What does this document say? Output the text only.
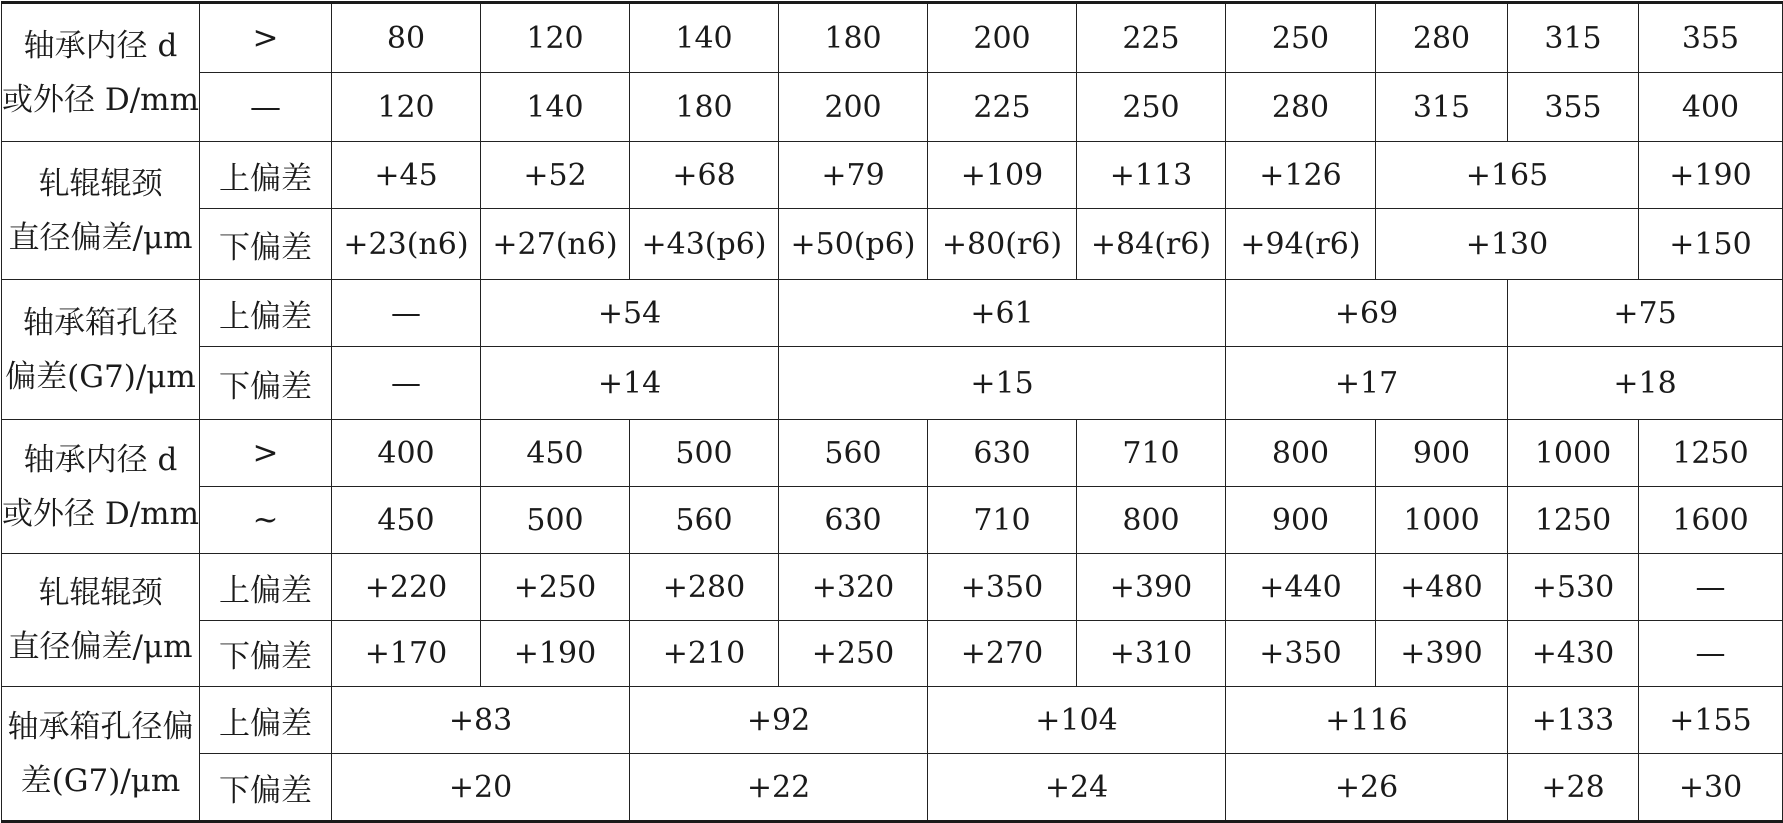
轴承内径 d
或外径 D/mm	>	80	120	140	180	200	225	250	280	315	355
	—	120	140	180	200	225	250	280	315	355	400

轧辊辊颈
直径偏差/μm	上偏差	+45	+52	+68	+79	+109	+113	+126	+165		+190
	下偏差	+23(n6)	+27(n6)	+43(p6)	+50(p6)	+80(r6)	+84(r6)	+94(r6)	+130		+150

轴承箱孔径
偏差(G7)/μm	上偏差	—	+54		+61			+69		+75	
	下偏差	—	+14		+15			+17		+18	

轴承内径 d
或外径 D/mm	>	400	450	500	560	630	710	800	900	1000	1250
	~	450	500	560	630	710	800	900	1000	1250	1600

轧辊辊颈
直径偏差/μm	上偏差	+220	+250	+280	+320	+350	+390	+440	+480	+530	—
	下偏差	+170	+190	+210	+250	+270	+310	+350	+390	+430	—

轴承箱孔径偏
差(G7)/μm	上偏差	+83		+92		+104		+116		+133	+155
	下偏差	+20		+22		+24		+26		+28	+30
